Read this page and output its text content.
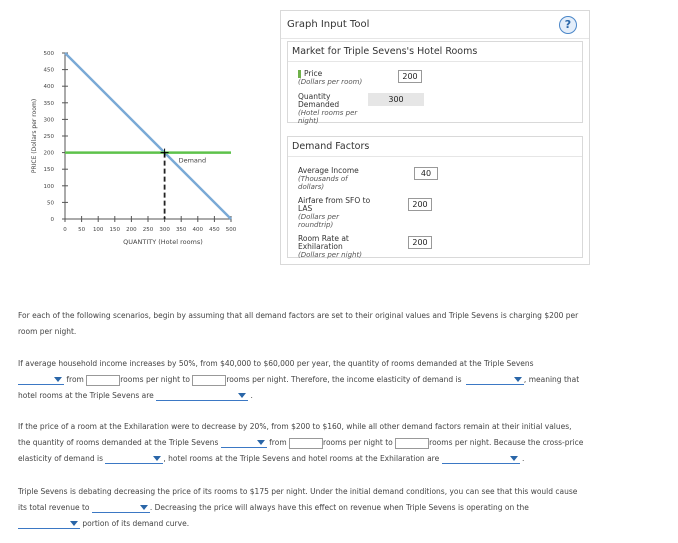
500
450
400
350
300
250
200
150
100
50
0
0 50 100 150 200 250 300 350 400 450 500
PRICE (Dollars per room)
QUANTITY (Hotel rooms)
Demand
Graph Input Tool	?
Market for Triple Sevens's Hotel Rooms
Price
(Dollars per room)
200
Quantity
Demanded
(Hotel rooms per
night)
300
Demand Factors
Average Income
(Thousands of
dollars)
40
Airfare from SFO to
LAS
(Dollars per
roundtrip)
200
Room Rate at
Exhilaration
(Dollars per night)
200
For each of the following scenarios, begin by assuming that all demand factors are set to their original values and Triple Sevens is charging $200 per
room per night.
If average household income increases by 50%, from $40,000 to $60,000 per year, the quantity of rooms demanded at the Triple Sevens
from	rooms per night to	rooms per night. Therefore, the income elasticity of demand is	, meaning that
hotel rooms at the Triple Sevens are	.
If the price of a room at the Exhilaration were to decrease by 20%, from $200 to $160, while all other demand factors remain at their initial values,
the quantity of rooms demanded at the Triple Sevens	from	rooms per night to	rooms per night. Because the cross-price
elasticity of demand is	, hotel rooms at the Triple Sevens and hotel rooms at the Exhilaration are	.
Triple Sevens is debating decreasing the price of its rooms to $175 per night. Under the initial demand conditions, you can see that this would cause
its total revenue to	. Decreasing the price will always have this effect on revenue when Triple Sevens is operating on the
portion of its demand curve.
